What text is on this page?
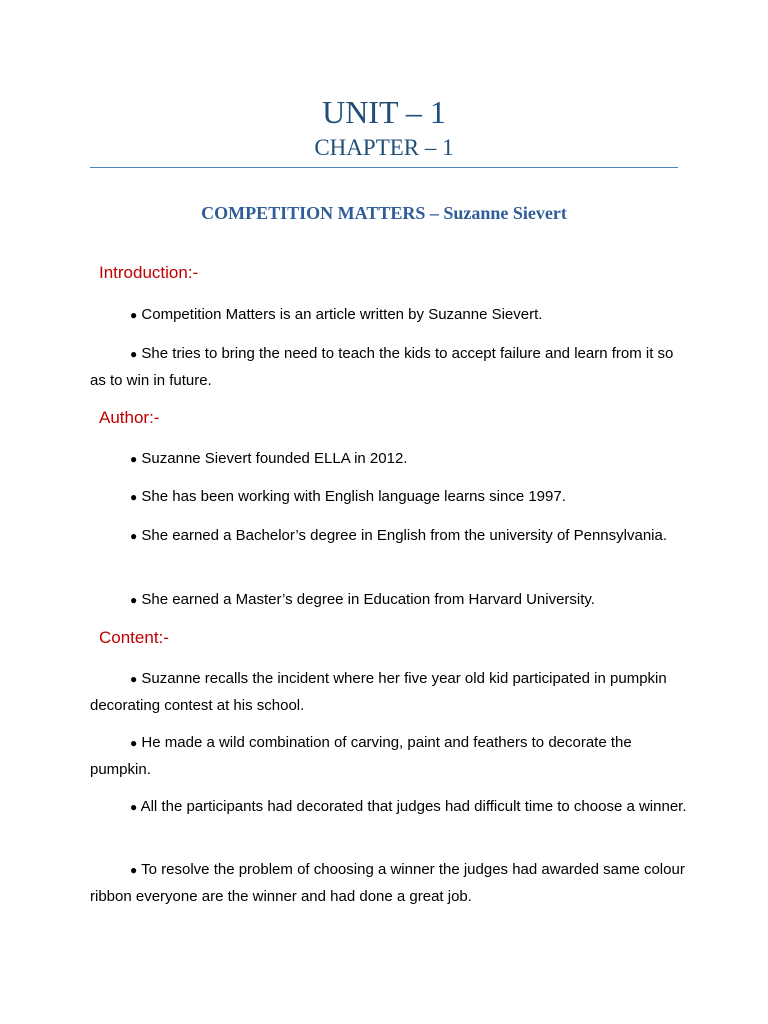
UNIT – 1
CHAPTER – 1
COMPETITION MATTERS – Suzanne Sievert
Introduction:-
● Competition Matters is an article written by Suzanne Sievert.
● She tries to bring the need to teach the kids to accept failure and learn from it so as to win in future.
Author:-
● Suzanne Sievert founded ELLA in 2012.
● She has been working with English language learns since 1997.
● She earned a Bachelor’s degree in English from the university of Pennsylvania.
● She earned a Master’s degree in Education from Harvard University.
Content:-
● Suzanne recalls the incident where her five year old kid participated in pumpkin decorating contest at his school.
● He made a wild combination of carving, paint and feathers to decorate the pumpkin.
● All the participants had decorated that judges had difficult time to choose a winner.
● To resolve the problem of choosing a winner the judges had awarded same colour ribbon everyone are the winner and had done a great job.
